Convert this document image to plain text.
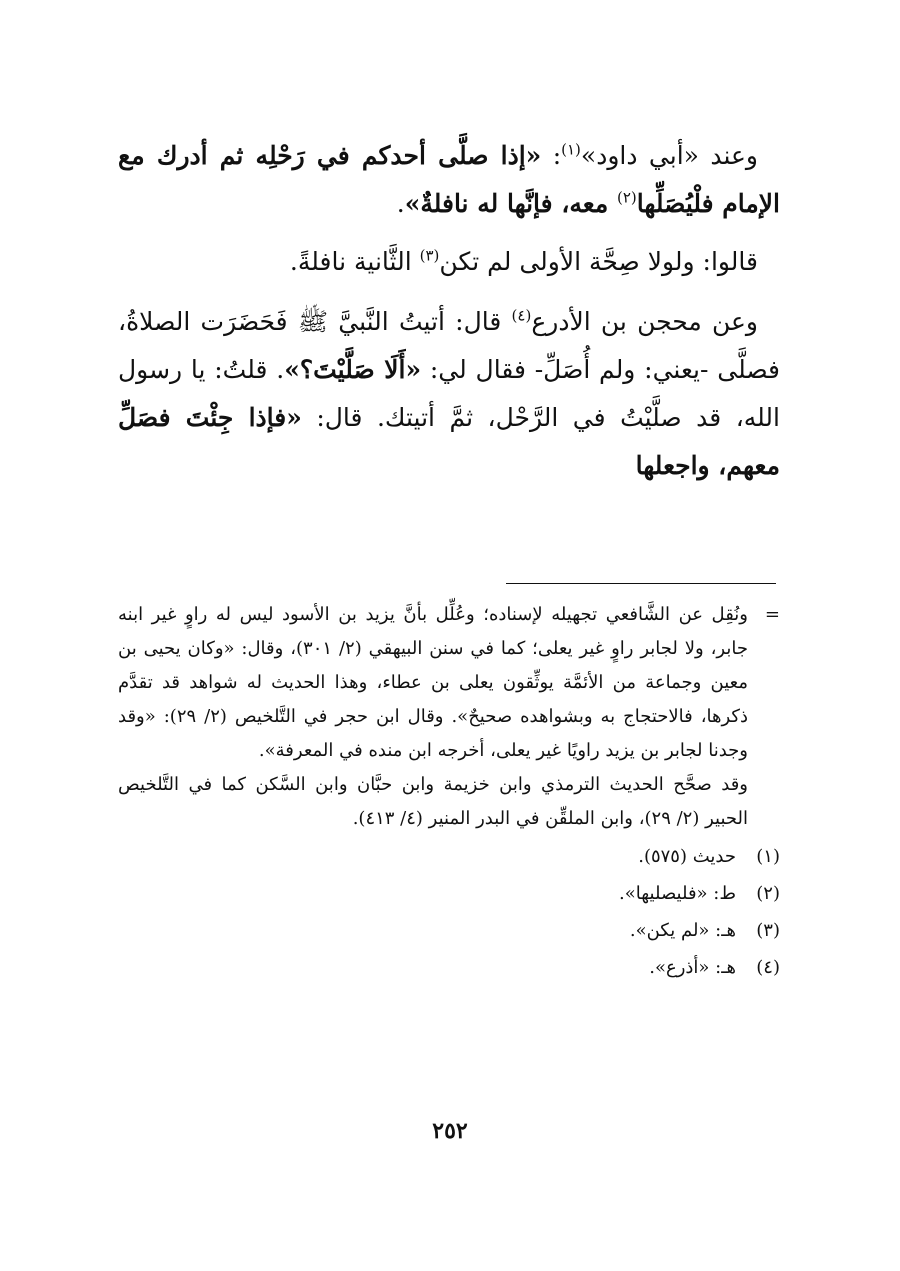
وعند «أبي داود»$^{(١)}$: «إذا صلَّى أحدكم في رَحْلِه ثم أدرك مع الإمام فلْيُصَلِّها$^{(٢)}$ معه، فإنَّها له نافلةٌ».

قالوا: ولولا صِحَّة الأولى لم تكن$^{(٣)}$ الثَّانية نافلةً.

وعن محجن بن الأدرع$^{(٤)}$ قال: أتيتُ النَّبيَّ ﷺ فَحَضَرَت الصلاةُ، فصلَّى -يعني: ولم أُصَلِّ- فقال لي: «أَلَا صَلَّيْتَ؟». قلتُ: يا رسول الله، قد صلَّيْتُ في الرَّحْل، ثمَّ أتيتك. قال: «فإذا جِئْتَ فصَلِّ معهم، واجعلها

=
ونُقِل عن الشَّافعي تجهيله لإسناده؛ وعُلِّل بأنَّ يزيد بن الأسود ليس له راوٍ غير ابنه جابر، ولا لجابر راوٍ غير يعلى؛ كما في سنن البيهقي (٢/ ٣٠١)، وقال: «وكان يحيى بن معين وجماعة من الأئمَّة يوثِّقون يعلى بن عطاء، وهذا الحديث له شواهد قد تقدَّم ذكرها، فالاحتجاج به وبشواهده صحيحٌ». وقال ابن حجر في التَّلخيص (٢/ ٢٩): «وقد وجدنا لجابر بن يزيد راويًا غير يعلى، أخرجه ابن منده في المعرفة».

وقد صحَّح الحديث الترمذي وابن خزيمة وابن حبَّان وابن السَّكن كما في التَّلخيص الحبير (٢/ ٢٩)، وابن الملقِّن في البدر المنير (٤/ ٤١٣).

(١)
حديث (٥٧٥).
(٢)
ط: «فليصليها».
(٣)
هـ: «لم يكن».
(٤)
هـ: «أذرع».
٢٥٢
